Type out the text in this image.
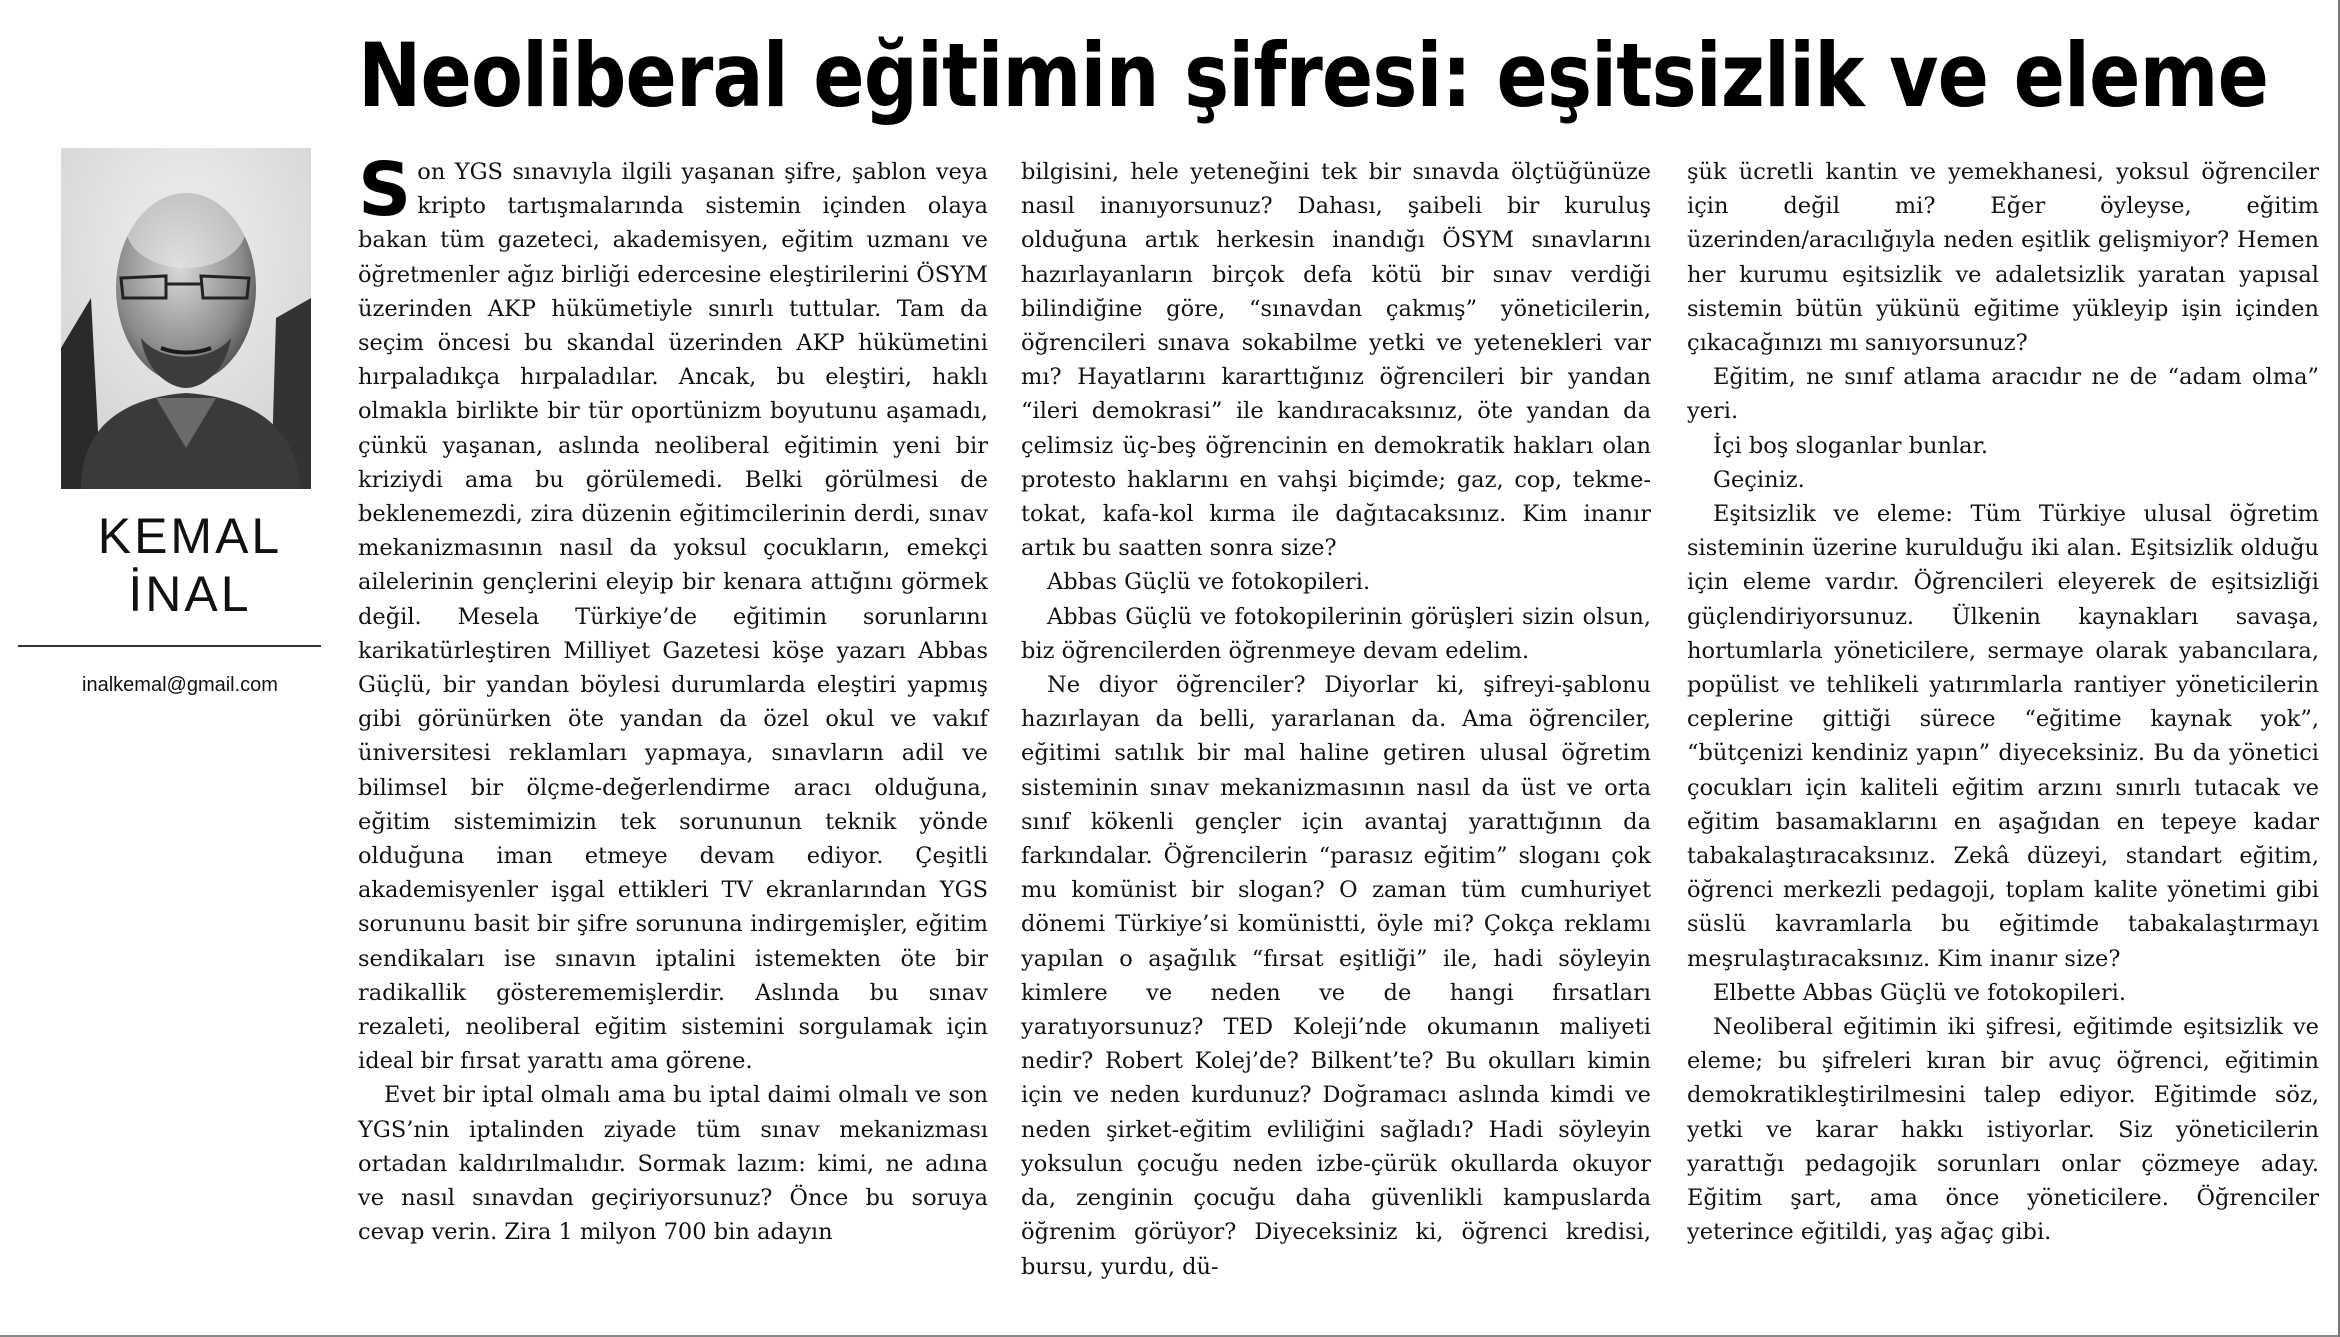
Neoliberal eğitimin şifresi: eşitsizlik ve eleme
KEMAL
İNAL
inalkemal@gmail.com

Son YGS sınavıyla ilgili yaşanan şifre, şablon veya kripto tartışmalarında sistemin içinden olaya bakan tüm gazeteci, akademisyen, eğitim uzmanı ve öğretmenler ağız birliği edercesine eleştirilerini ÖSYM üzerinden AKP hükümetiyle sınırlı tuttular. Tam da seçim öncesi bu skandal üzerinden AKP hükümetini hırpaladıkça hırpaladılar. Ancak, bu eleştiri, haklı olmakla birlikte bir tür oportünizm boyutunu aşamadı, çünkü yaşanan, aslında neoliberal eğitimin yeni bir kriziydi ama bu görülemedi. Belki görülmesi de beklenemezdi, zira düzenin eğitimcilerinin derdi, sınav mekanizmasının nasıl da yoksul çocukların, emekçi ailelerinin gençlerini eleyip bir kenara attığını görmek değil. Mesela Türkiye’de eğitimin sorunlarını karikatürleştiren Milliyet Gazetesi köşe yazarı Abbas Güçlü, bir yandan böylesi durumlarda eleştiri yapmış gibi görünürken öte yandan da özel okul ve vakıf üniversitesi reklamları yapmaya, sınavların adil ve bilimsel bir ölçme-değerlendirme aracı olduğuna, eğitim sistemimizin tek sorununun teknik yönde olduğuna iman etmeye devam ediyor. Çeşitli akademisyenler işgal ettikleri TV ekranlarından YGS sorununu basit bir şifre sorununa indirgemişler, eğitim sendikaları ise sınavın iptalini istemekten öte bir radikallik gösterememişlerdir. Aslında bu sınav rezaleti, neoliberal eğitim sistemini sorgulamak için ideal bir fırsat yarattı ama görene.

Evet bir iptal olmalı ama bu iptal daimi olmalı ve son YGS’nin iptalinden ziyade tüm sınav mekanizması ortadan kaldırılmalıdır. Sormak lazım: kimi, ne adına ve nasıl sınavdan geçiriyorsunuz? Önce bu soruya cevap verin. Zira 1 milyon 700 bin adayın

bilgisini, hele yeteneğini tek bir sınavda ölçtüğünüze nasıl inanıyorsunuz? Dahası, şaibeli bir kuruluş olduğuna artık herkesin inandığı ÖSYM sınavlarını hazırlayanların birçok defa kötü bir sınav verdiği bilindiğine göre, “sınavdan çakmış” yöneticilerin, öğrencileri sınava sokabilme yetki ve yetenekleri var mı? Hayatlarını kararttığınız öğrencileri bir yandan “ileri demokrasi” ile kandıracaksınız, öte yandan da çelimsiz üç-beş öğrencinin en demokratik hakları olan protesto haklarını en vahşi biçimde; gaz, cop, tekme-tokat, kafa-kol kırma ile dağıtacaksınız. Kim inanır artık bu saatten sonra size?

Abbas Güçlü ve fotokopileri.

Abbas Güçlü ve fotokopilerinin görüşleri sizin olsun, biz öğrencilerden öğrenmeye devam edelim.

Ne diyor öğrenciler? Diyorlar ki, şifreyi-şablonu hazırlayan da belli, yararlanan da. Ama öğrenciler, eğitimi satılık bir mal haline getiren ulusal öğretim sisteminin sınav mekanizmasının nasıl da üst ve orta sınıf kökenli gençler için avantaj yarattığının da farkındalar. Öğrencilerin “parasız eğitim” sloganı çok mu komünist bir slogan? O zaman tüm cumhuriyet dönemi Türkiye’si komünistti, öyle mi? Çokça reklamı yapılan o aşağılık “fırsat eşitliği” ile, hadi söyleyin kimlere ve neden ve de hangi fırsatları yaratıyorsunuz? TED Koleji’nde okumanın maliyeti nedir? Robert Kolej’de? Bilkent’te? Bu okulları kimin için ve neden kurdunuz? Doğramacı aslında kimdi ve neden şirket-eğitim evliliğini sağladı? Hadi söyleyin yoksulun çocuğu neden izbe-çürük okullarda okuyor da, zenginin çocuğu daha güvenlikli kampuslarda öğrenim görüyor? Diyeceksiniz ki, öğrenci kredisi, bursu, yurdu, dü-

şük ücretli kantin ve yemekhanesi, yoksul öğrenciler için değil mi? Eğer öyleyse, eğitim üzerinden/aracılığıyla neden eşitlik gelişmiyor? Hemen her kurumu eşitsizlik ve adaletsizlik yaratan yapısal sistemin bütün yükünü eğitime yükleyip işin içinden çıkacağınızı mı sanıyorsunuz?

Eğitim, ne sınıf atlama aracıdır ne de “adam olma” yeri.

İçi boş sloganlar bunlar.

Geçiniz.

Eşitsizlik ve eleme: Tüm Türkiye ulusal öğretim sisteminin üzerine kurulduğu iki alan. Eşitsizlik olduğu için eleme vardır. Öğrencileri eleyerek de eşitsizliği güçlendiriyorsunuz. Ülkenin kaynakları savaşa, hortumlarla yöneticilere, sermaye olarak yabancılara, popülist ve tehlikeli yatırımlarla rantiyer yöneticilerin ceplerine gittiği sürece “eğitime kaynak yok”, “bütçenizi kendiniz yapın” diyeceksiniz. Bu da yönetici çocukları için kaliteli eğitim arzını sınırlı tutacak ve eğitim basamaklarını en aşağıdan en tepeye kadar tabakalaştıracaksınız. Zekâ düzeyi, standart eğitim, öğrenci merkezli pedagoji, toplam kalite yönetimi gibi süslü kavramlarla bu eğitimde tabakalaştırmayı meşrulaştıracaksınız. Kim inanır size?

Elbette Abbas Güçlü ve fotokopileri.

Neoliberal eğitimin iki şifresi, eğitimde eşitsizlik ve eleme; bu şifreleri kıran bir avuç öğrenci, eğitimin demokratikleştirilmesini talep ediyor. Eğitimde söz, yetki ve karar hakkı istiyorlar. Siz yöneticilerin yarattığı pedagojik sorunları onlar çözmeye aday. Eğitim şart, ama önce yöneticilere. Öğrenciler yeterince eğitildi, yaş ağaç gibi.
